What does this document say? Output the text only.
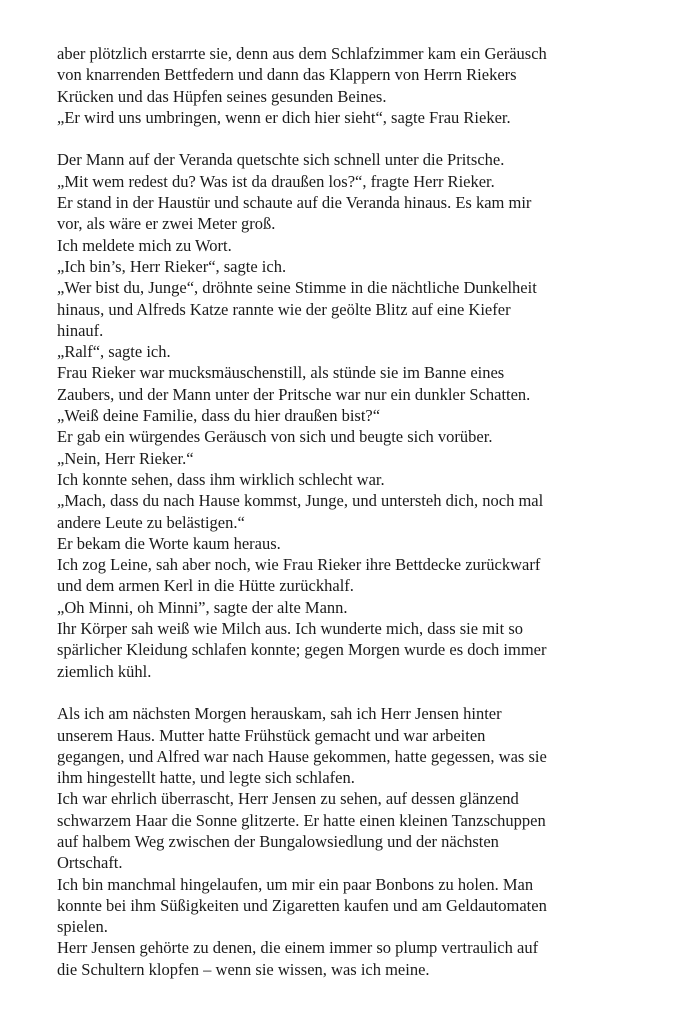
aber plötzlich erstarrte sie, denn aus dem Schlafzimmer kam ein Geräusch
von knarrenden Bettfedern und dann das Klappern von Herrn Riekers
Krücken und das Hüpfen seines gesunden Beines.
„Er wird uns umbringen, wenn er dich hier sieht“, sagte Frau Rieker.

Der Mann auf der Veranda quetschte sich schnell unter die Pritsche.
„Mit wem redest du? Was ist da draußen los?“, fragte Herr Rieker.
Er stand in der Haustür und schaute auf die Veranda hinaus. Es kam mir
vor, als wäre er zwei Meter groß.
Ich meldete mich zu Wort.
„Ich bin’s, Herr Rieker“, sagte ich.
„Wer bist du, Junge“, dröhnte seine Stimme in die nächtliche Dunkelheit
hinaus, und Alfreds Katze rannte wie der geölte Blitz auf eine Kiefer
hinauf.
„Ralf“, sagte ich.
Frau Rieker war mucksmäuschenstill, als stünde sie im Banne eines
Zaubers, und der Mann unter der Pritsche war nur ein dunkler Schatten.
„Weiß deine Familie, dass du hier draußen bist?“
Er gab ein würgendes Geräusch von sich und beugte sich vorüber.
„Nein, Herr Rieker.“
Ich konnte sehen, dass ihm wirklich schlecht war.
„Mach, dass du nach Hause kommst, Junge, und untersteh dich, noch mal
andere Leute zu belästigen.“
Er bekam die Worte kaum heraus.
Ich zog Leine, sah aber noch, wie Frau Rieker ihre Bettdecke zurückwarf
und dem armen Kerl in die Hütte zurückhalf.
„Oh Minni, oh Minni”, sagte der alte Mann.
Ihr Körper sah weiß wie Milch aus. Ich wunderte mich, dass sie mit so
spärlicher Kleidung schlafen konnte; gegen Morgen wurde es doch immer
ziemlich kühl.

Als ich am nächsten Morgen herauskam, sah ich Herr Jensen hinter
unserem Haus. Mutter hatte Frühstück gemacht und war arbeiten
gegangen, und Alfred war nach Hause gekommen, hatte gegessen, was sie
ihm hingestellt hatte, und legte sich schlafen.
Ich war ehrlich überrascht, Herr Jensen zu sehen, auf dessen glänzend
schwarzem Haar die Sonne glitzerte. Er hatte einen kleinen Tanzschuppen
auf halbem Weg zwischen der Bungalowsiedlung und der nächsten
Ortschaft.
Ich bin manchmal hingelaufen, um mir ein paar Bonbons zu holen. Man
konnte bei ihm Süßigkeiten und Zigaretten kaufen und am Geldautomaten
spielen.
Herr Jensen gehörte zu denen, die einem immer so plump vertraulich auf
die Schultern klopfen – wenn sie wissen, was ich meine.
